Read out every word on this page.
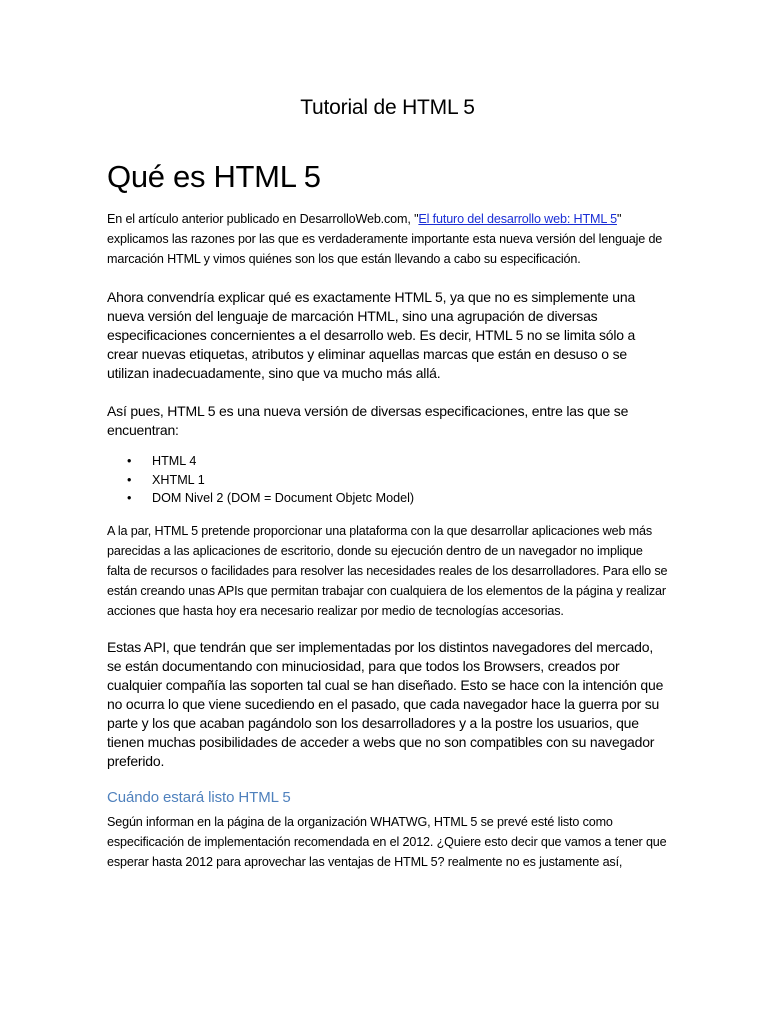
Tutorial de HTML 5
Qué es HTML 5

En el artículo anterior publicado en DesarrolloWeb.com, "El futuro del desarrollo web: HTML 5" explicamos las razones por las que es verdaderamente importante esta nueva versión del lenguaje de marcación HTML y vimos quiénes son los que están llevando a cabo su especificación.

Ahora convendría explicar qué es exactamente HTML 5, ya que no es simplemente una nueva versión del lenguaje de marcación HTML, sino una agrupación de diversas especificaciones concernientes a el desarrollo web. Es decir, HTML 5 no se limita sólo a crear nuevas etiquetas, atributos y eliminar aquellas marcas que están en desuso o se utilizan inadecuadamente, sino que va mucho más allá.

Así pues, HTML 5 es una nueva versión de diversas especificaciones, entre las que se encuentran:

• HTML 4
• XHTML 1
• DOM Nivel 2 (DOM = Document Objetc Model)

A la par, HTML 5 pretende proporcionar una plataforma con la que desarrollar aplicaciones web más parecidas a las aplicaciones de escritorio, donde su ejecución dentro de un navegador no implique falta de recursos o facilidades para resolver las necesidades reales de los desarrolladores. Para ello se están creando unas APIs que permitan trabajar con cualquiera de los elementos de la página y realizar acciones que hasta hoy era necesario realizar por medio de tecnologías accesorias.

Estas API, que tendrán que ser implementadas por los distintos navegadores del mercado, se están documentando con minuciosidad, para que todos los Browsers, creados por cualquier compañía las soporten tal cual se han diseñado. Esto se hace con la intención que no ocurra lo que viene sucediendo en el pasado, que cada navegador hace la guerra por su parte y los que acaban pagándolo son los desarrolladores y a la postre los usuarios, que tienen muchas posibilidades de acceder a webs que no son compatibles con su navegador preferido.

Cuándo estará listo HTML 5

Según informan en la página de la organización WHATWG, HTML 5 se prevé esté listo como especificación de implementación recomendada en el 2012. ¿Quiere esto decir que vamos a tener que esperar hasta 2012 para aprovechar las ventajas de HTML 5? realmente no es justamente así,
